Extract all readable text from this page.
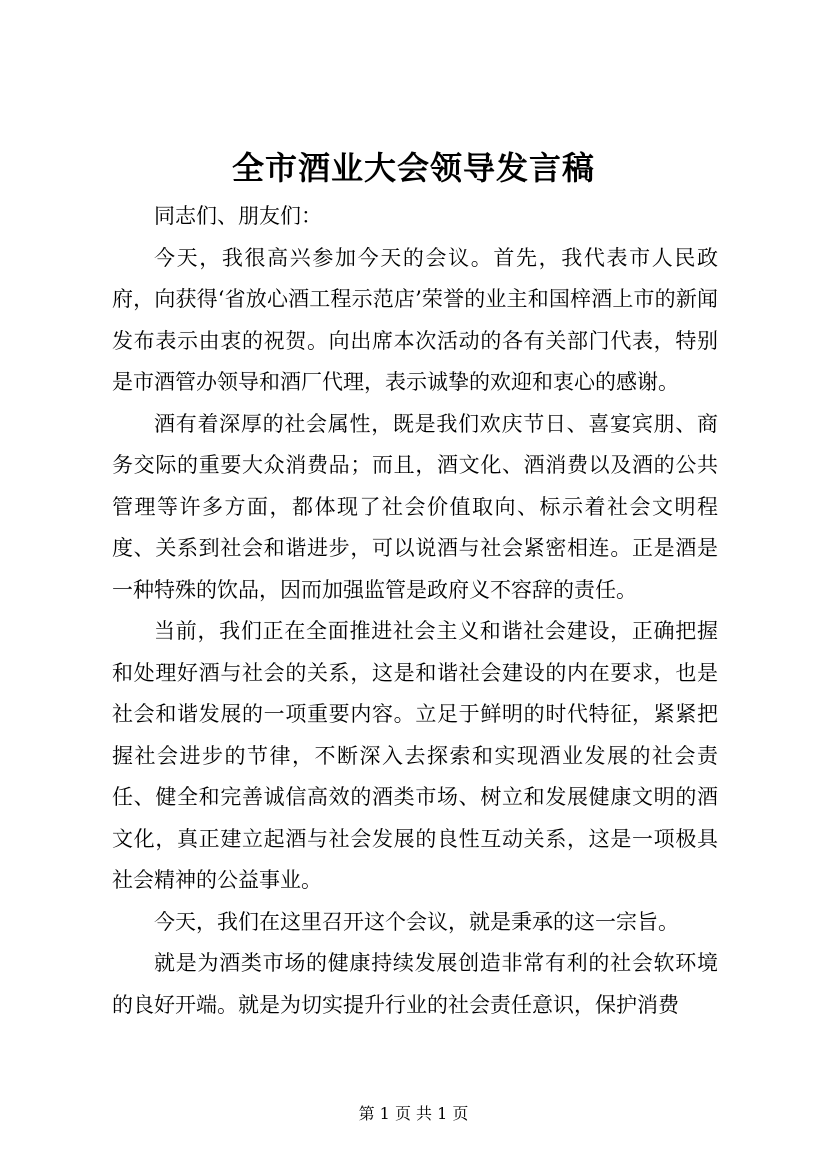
全市酒业大会领导发言稿

同志们、朋友们：

今天，我很高兴参加今天的会议。首先，我代表市人民政府，向获得‘省放心酒工程示范店’荣誉的业主和国梓酒上市的新闻发布表示由衷的祝贺。向出席本次活动的各有关部门代表，特别是市酒管办领导和酒厂代理，表示诚挚的欢迎和衷心的感谢。

酒有着深厚的社会属性，既是我们欢庆节日、喜宴宾朋、商务交际的重要大众消费品；而且，酒文化、酒消费以及酒的公共管理等许多方面，都体现了社会价值取向、标示着社会文明程度、关系到社会和谐进步，可以说酒与社会紧密相连。正是酒是一种特殊的饮品，因而加强监管是政府义不容辞的责任。

当前，我们正在全面推进社会主义和谐社会建设，正确把握和处理好酒与社会的关系，这是和谐社会建设的内在要求，也是社会和谐发展的一项重要内容。立足于鲜明的时代特征，紧紧把握社会进步的节律，不断深入去探索和实现酒业发展的社会责任、健全和完善诚信高效的酒类市场、树立和发展健康文明的酒文化，真正建立起酒与社会发展的良性互动关系，这是一项极具社会精神的公益事业。

今天，我们在这里召开这个会议，就是秉承的这一宗旨。

就是为酒类市场的健康持续发展创造非常有利的社会软环境的良好开端。就是为切实提升行业的社会责任意识，保护消费

第 1 页 共 1 页
